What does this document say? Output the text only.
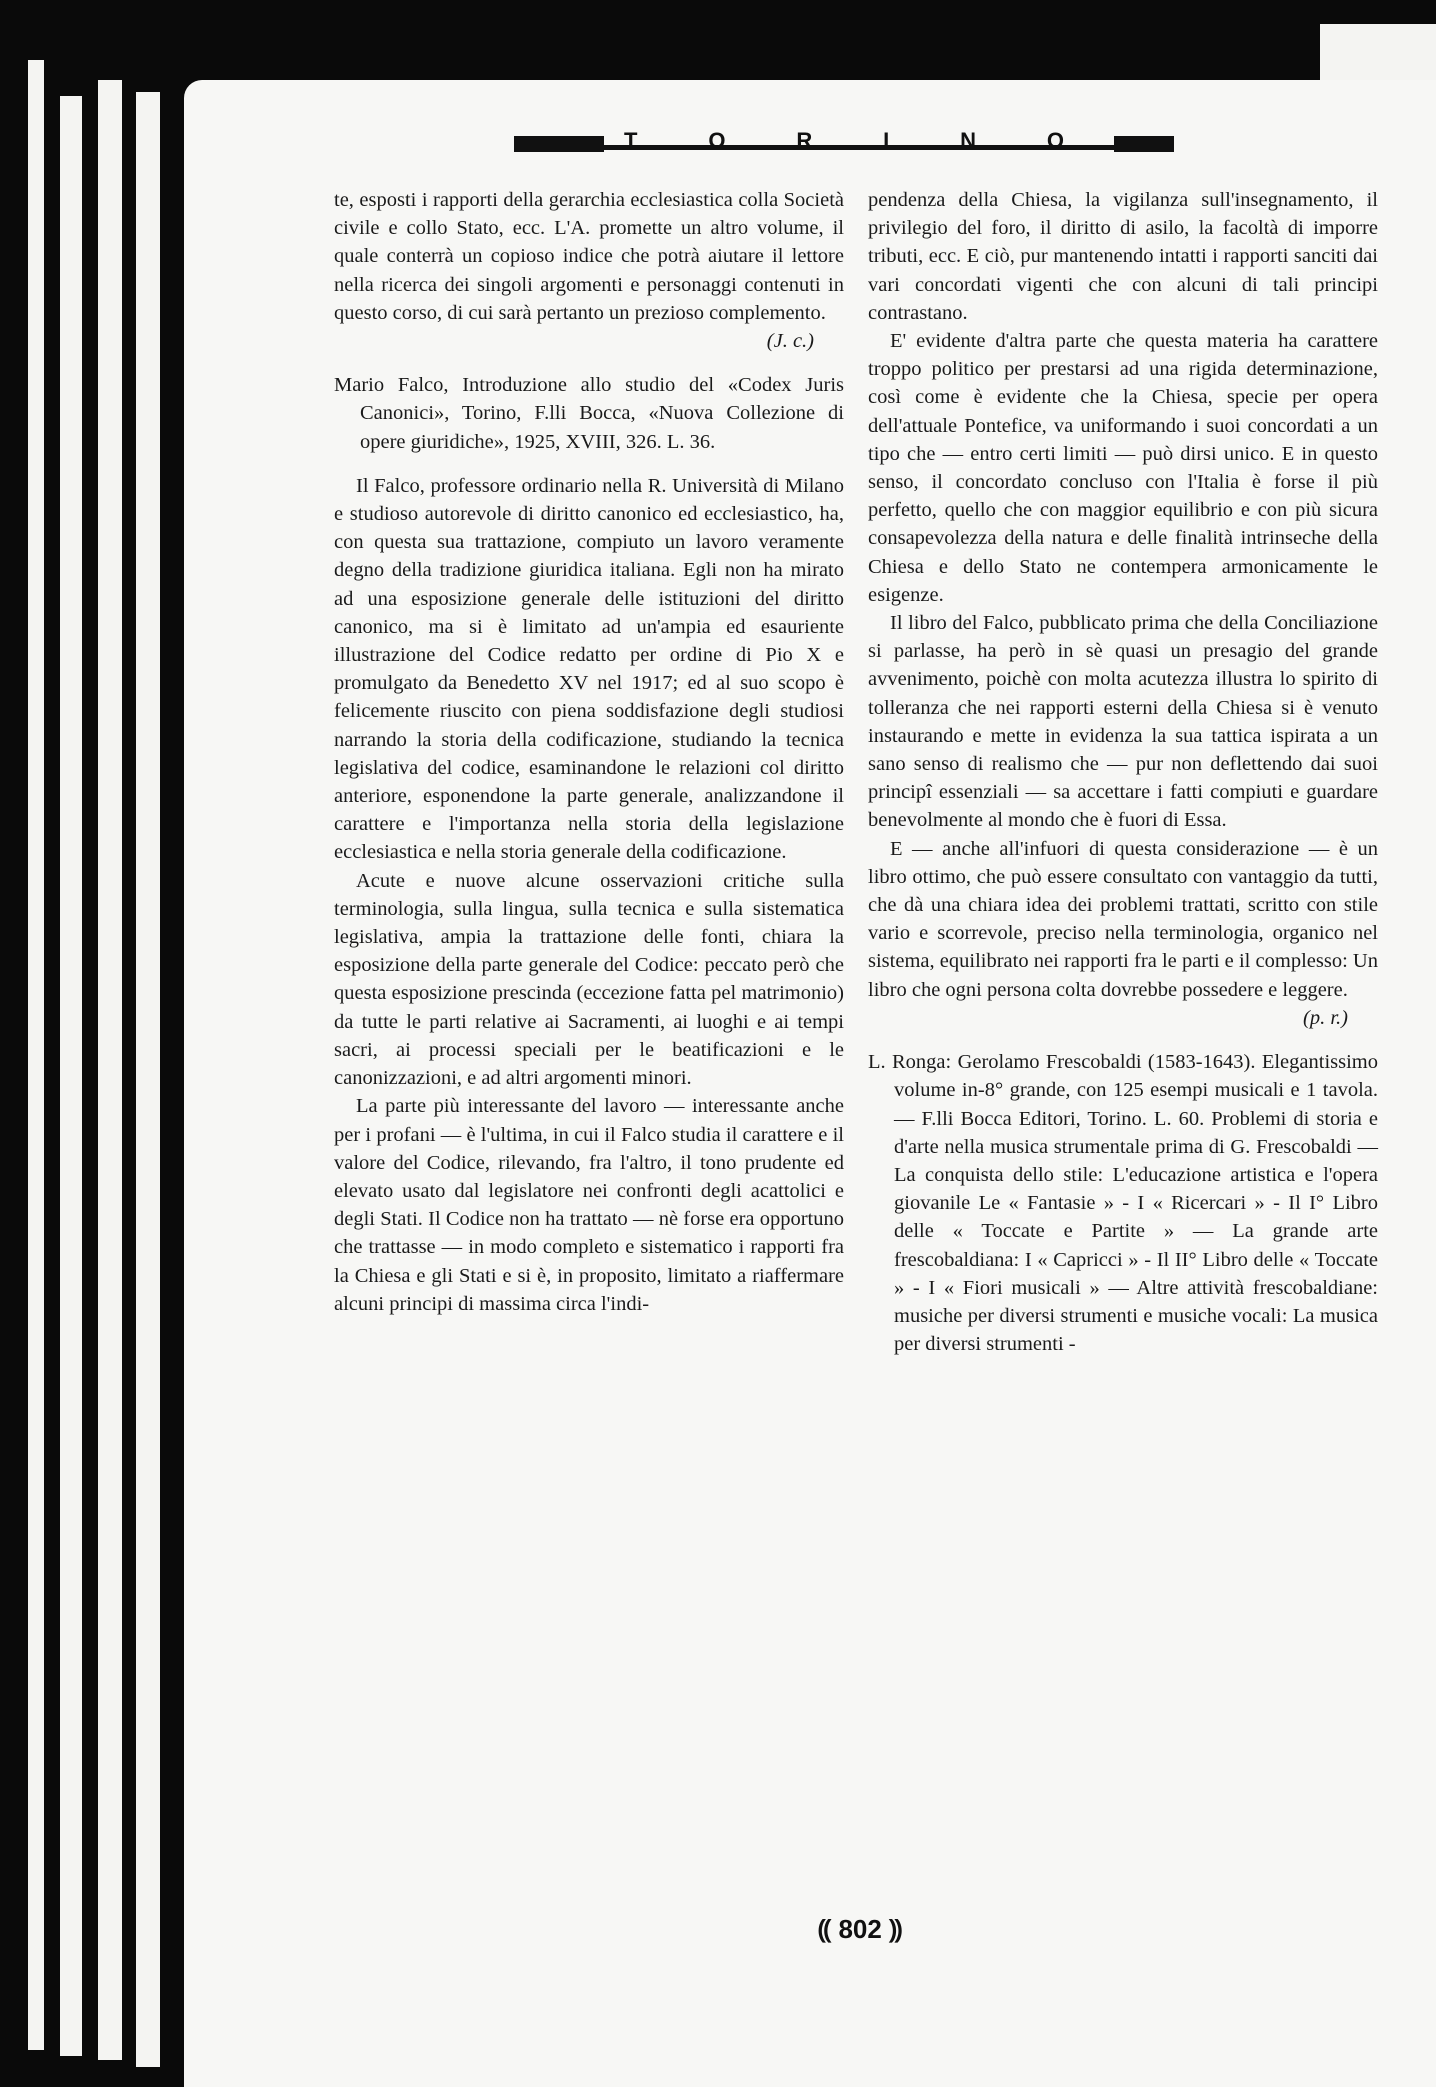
T	O	R	I	N	O

te, esposti i rapporti della gerarchia ecclesiastica colla Società civile e collo Stato, ecc. L'A. promette un altro volume, il quale conterrà un copioso indice che potrà aiutare il lettore nella ricerca dei singoli argomenti e personaggi contenuti in questo corso, di cui sarà pertanto un prezioso complemento.

(J. c.)

Mario Falco, Introduzione allo studio del «Codex Juris Canonici», Torino, F.lli Bocca, «Nuova Collezione di opere giuridiche», 1925, XVIII, 326. L. 36.

Il Falco, professore ordinario nella R. Università di Milano e studioso autorevole di diritto canonico ed ecclesiastico, ha, con questa sua trattazione, compiuto un lavoro veramente degno della tradizione giuridica italiana. Egli non ha mirato ad una esposizione generale delle istituzioni del diritto canonico, ma si è limitato ad un'ampia ed esauriente illustrazione del Codice redatto per ordine di Pio X e promulgato da Benedetto XV nel 1917; ed al suo scopo è felicemente riuscito con piena soddisfazione degli studiosi narrando la storia della codificazione, studiando la tecnica legislativa del codice, esaminandone le relazioni col diritto anteriore, esponendone la parte generale, analizzandone il carattere e l'importanza nella storia della legislazione ecclesiastica e nella storia generale della codificazione.

Acute e nuove alcune osservazioni critiche sulla terminologia, sulla lingua, sulla tecnica e sulla sistematica legislativa, ampia la trattazione delle fonti, chiara la esposizione della parte generale del Codice: peccato però che questa esposizione prescinda (eccezione fatta pel matrimonio) da tutte le parti relative ai Sacramenti, ai luoghi e ai tempi sacri, ai processi speciali per le beatificazioni e le canonizzazioni, e ad altri argomenti minori.

La parte più interessante del lavoro — interessante anche per i profani — è l'ultima, in cui il Falco studia il carattere e il valore del Codice, rilevando, fra l'altro, il tono prudente ed elevato usato dal legislatore nei confronti degli acattolici e degli Stati. Il Codice non ha trattato — nè forse era opportuno che trattasse — in modo completo e sistematico i rapporti fra la Chiesa e gli Stati e si è, in proposito, limitato a riaffermare alcuni principi di massima circa l'indi-

pendenza della Chiesa, la vigilanza sull'insegnamento, il privilegio del foro, il diritto di asilo, la facoltà di imporre tributi, ecc. E ciò, pur mantenendo intatti i rapporti sanciti dai vari concordati vigenti che con alcuni di tali principi contrastano.

E' evidente d'altra parte che questa materia ha carattere troppo politico per prestarsi ad una rigida determinazione, così come è evidente che la Chiesa, specie per opera dell'attuale Pontefice, va uniformando i suoi concordati a un tipo che — entro certi limiti — può dirsi unico. E in questo senso, il concordato concluso con l'Italia è forse il più perfetto, quello che con maggior equilibrio e con più sicura consapevolezza della natura e delle finalità intrinseche della Chiesa e dello Stato ne contempera armonicamente le esigenze.

Il libro del Falco, pubblicato prima che della Conciliazione si parlasse, ha però in sè quasi un presagio del grande avvenimento, poichè con molta acutezza illustra lo spirito di tolleranza che nei rapporti esterni della Chiesa si è venuto instaurando e mette in evidenza la sua tattica ispirata a un sano senso di realismo che — pur non deflettendo dai suoi principî essenziali — sa accettare i fatti compiuti e guardare benevolmente al mondo che è fuori di Essa.

E — anche all'infuori di questa considerazione — è un libro ottimo, che può essere consultato con vantaggio da tutti, che dà una chiara idea dei problemi trattati, scritto con stile vario e scorrevole, preciso nella terminologia, organico nel sistema, equilibrato nei rapporti fra le parti e il complesso: Un libro che ogni persona colta dovrebbe possedere e leggere.

(p. r.)

L. Ronga: Gerolamo Frescobaldi (1583-1643). Elegantissimo volume in-8° grande, con 125 esempi musicali e 1 tavola. — F.lli Bocca Editori, Torino. L. 60. Problemi di storia e d'arte nella musica strumentale prima di G. Frescobaldi — La conquista dello stile: L'educazione artistica e l'opera giovanile Le « Fantasie » - I « Ricercari » - Il I° Libro delle « Toccate e Partite » — La grande arte frescobaldiana: I « Capricci » - Il II° Libro delle « Toccate » - I « Fiori musicali » — Altre attività frescobaldiane: musiche per diversi strumenti e musiche vocali: La musica per diversi strumenti -

⸨ 802 ⸩
